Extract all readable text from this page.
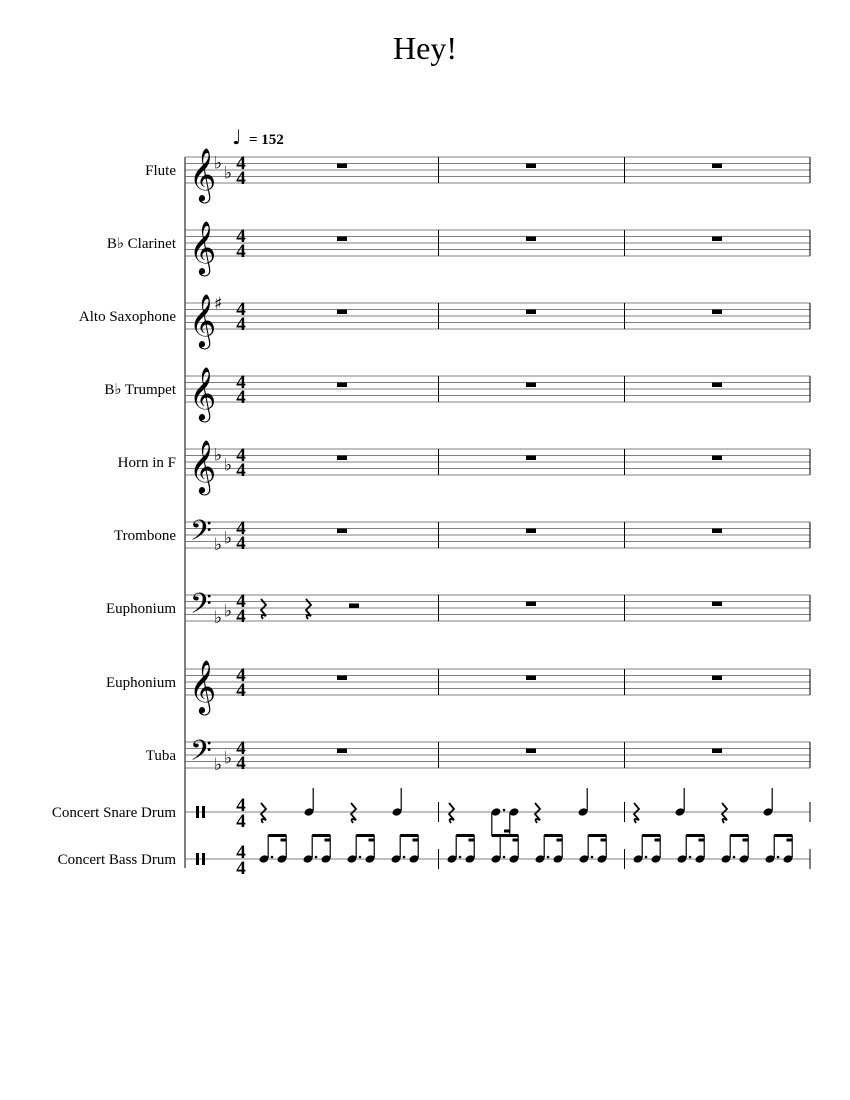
Hey!
♩ = 152
Flute 𝄞
♭ ♭ 4
4
B♭ Clarinet 𝄞 4
4
Alto Saxophone 𝄞
♯ 4
4
B♭ Trumpet 𝄞 4
4
Horn in F 𝄞
♭ ♭ 4
4
Trombone 𝄢 ♭ ♭ 4
4
Euphonium 𝄢 ♭ ♭ 4
4
Euphonium 𝄞 4
4
Tuba 𝄢 ♭ ♭ 4
4
Concert Snare Drum	4
4
Concert Bass Drum	4
4
